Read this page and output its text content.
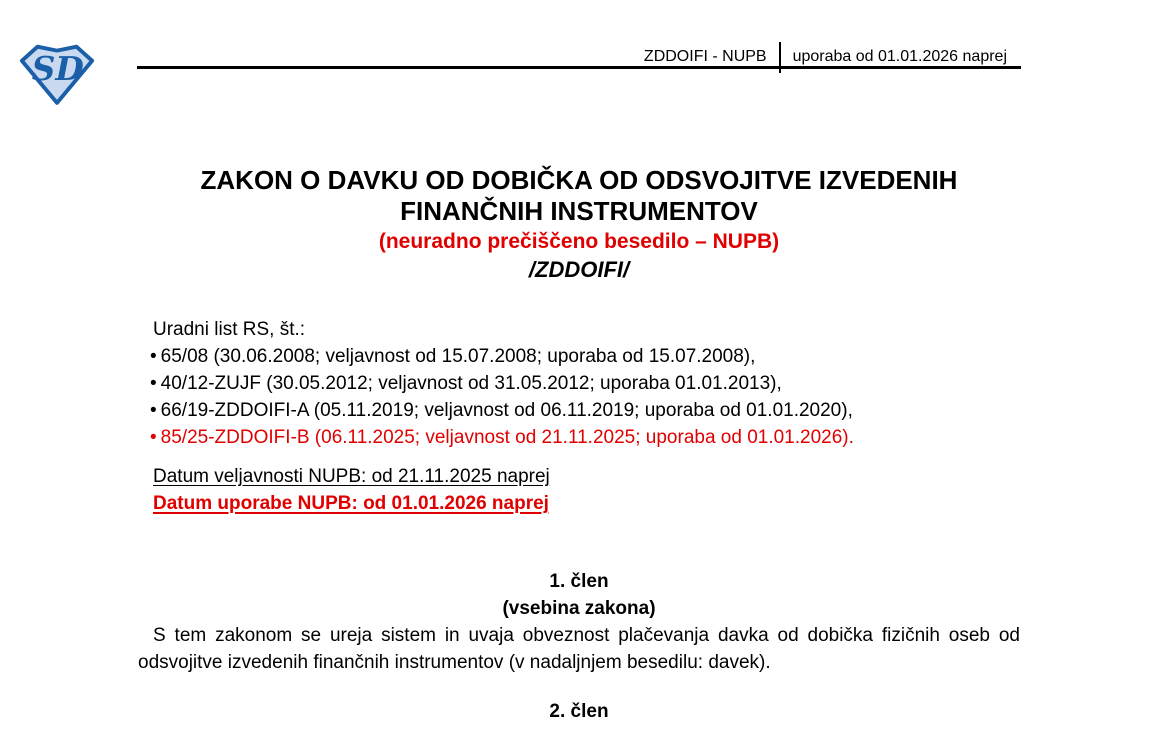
SD	ZDDOIFI - NUPB uporaba od 01.01.2026 naprej
ZAKON O DAVKU OD DOBIČKA OD ODSVOJITVE IZVEDENIH
FINANČNIH INSTRUMENTOV
(neuradno prečiščeno besedilo – NUPB)
/ZDDOIFI/
Uradni list RS, št.:
• 65/08 (30.06.2008; veljavnost od 15.07.2008; uporaba od 15.07.2008),
• 40/12-ZUJF (30.05.2012; veljavnost od 31.05.2012; uporaba 01.01.2013),
• 66/19-ZDDOIFI-A (05.11.2019; veljavnost od 06.11.2019; uporaba od 01.01.2020),
• 85/25-ZDDOIFI-B (06.11.2025; veljavnost od 21.11.2025; uporaba od 01.01.2026).
Datum veljavnosti NUPB: od 21.11.2025 naprej
Datum uporabe NUPB: od 01.01.2026 naprej
1. člen
(vsebina zakona)
S tem zakonom se ureja sistem in uvaja obveznost plačevanja davka od dobička fizičnih oseb od odsvojitve izvedenih finančnih instrumentov (v nadaljnjem besedilu: davek).
2. člen
